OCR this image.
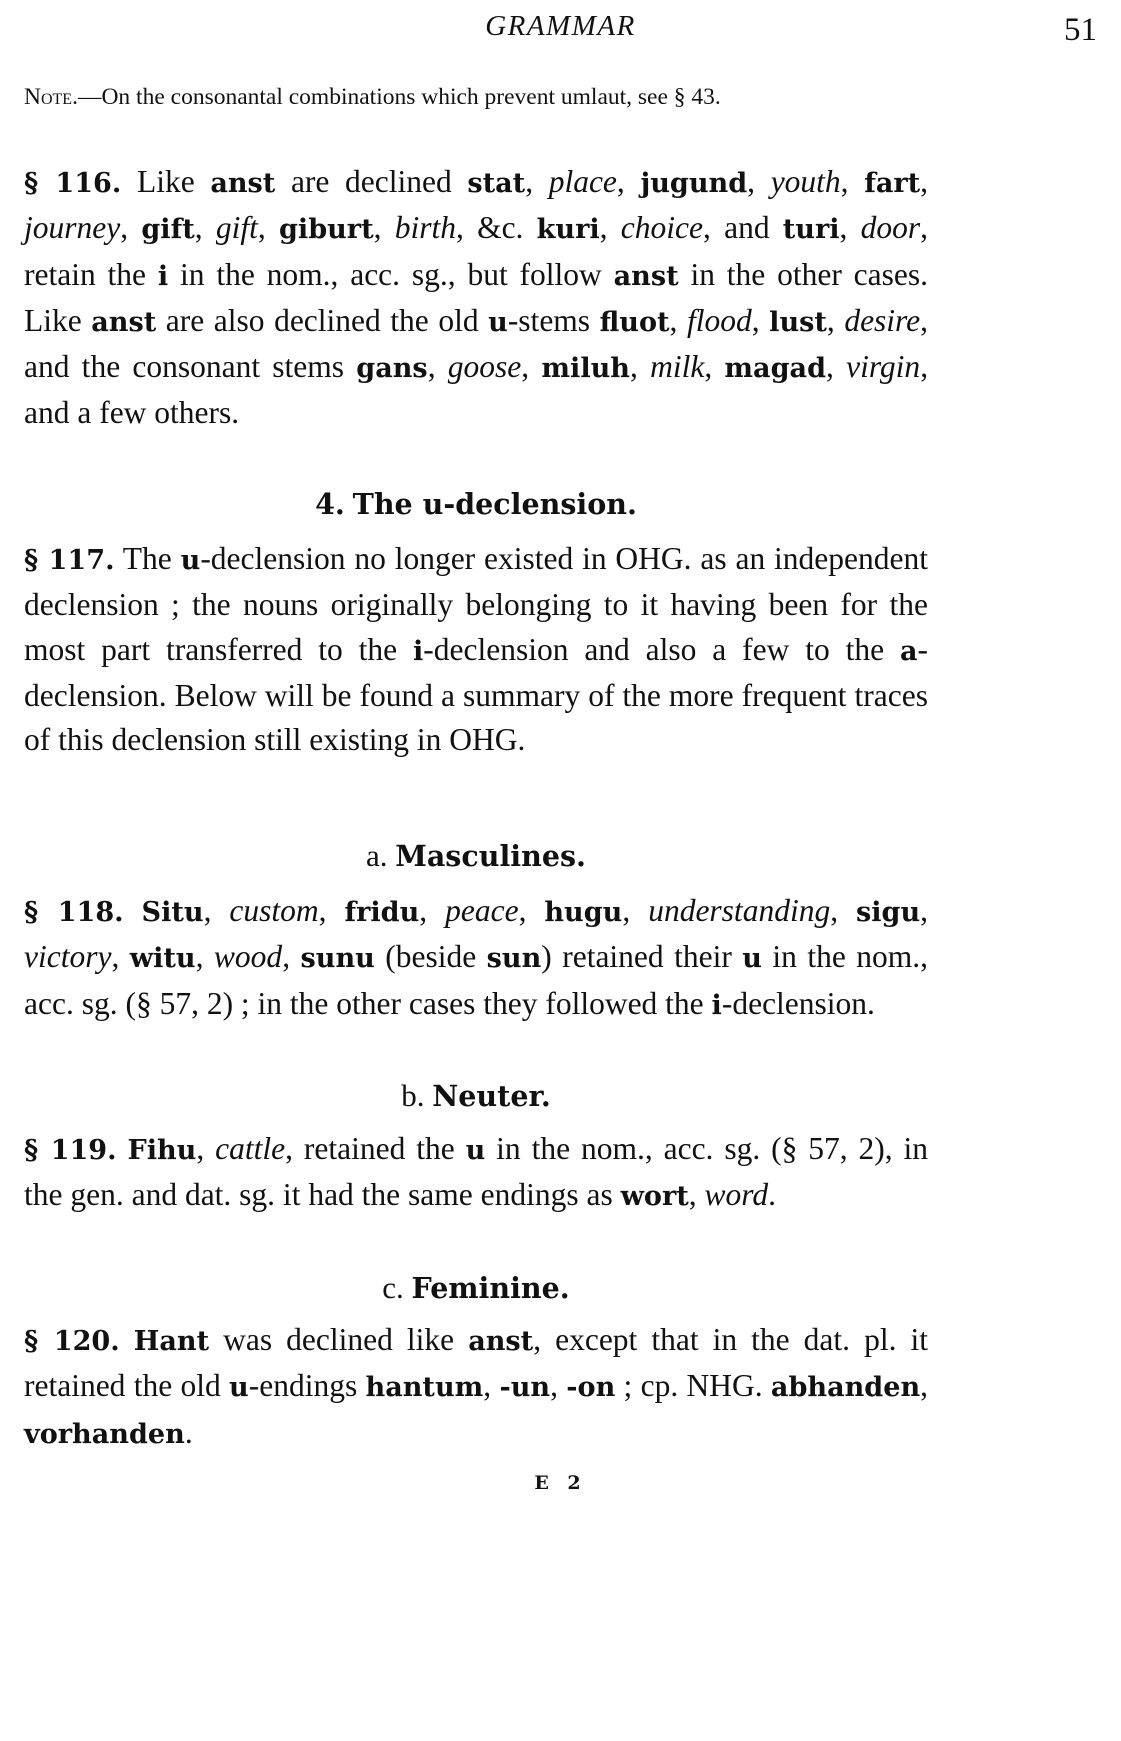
GRAMMAR	51

Note.—On the consonantal combinations which prevent umlaut, see § 43.

§ 116. Like anst are declined stat, place, jugund, youth, fart, journey, gift, gift, giburt, birth, &c. kuri, choice, and turi, door, retain the i in the nom., acc. sg., but follow anst in the other cases. Like anst are also declined the old u-stems fluot, flood, lust, desire, and the consonant stems gans, goose, miluh, milk, magad, virgin, and a few others.

4. The u-declension.

§ 117. The u-declension no longer existed in OHG. as an independent declension ; the nouns originally belonging to it having been for the most part transferred to the i-declension and also a few to the a-declension. Below will be found a summary of the more frequent traces of this declension still existing in OHG.

a. Masculines.

§ 118. Situ, custom, fridu, peace, hugu, understanding, sigu, victory, witu, wood, sunu (beside sun) retained their u in the nom., acc. sg. (§ 57, 2) ; in the other cases they followed the i-declension.

b. Neuter.

§ 119. Fihu, cattle, retained the u in the nom., acc. sg. (§ 57, 2), in the gen. and dat. sg. it had the same endings as wort, word.

c. Feminine.

§ 120. Hant was declined like anst, except that in the dat. pl. it retained the old u-endings hantum, -un, -on ; cp. NHG. abhanden, vorhanden.

E 2
